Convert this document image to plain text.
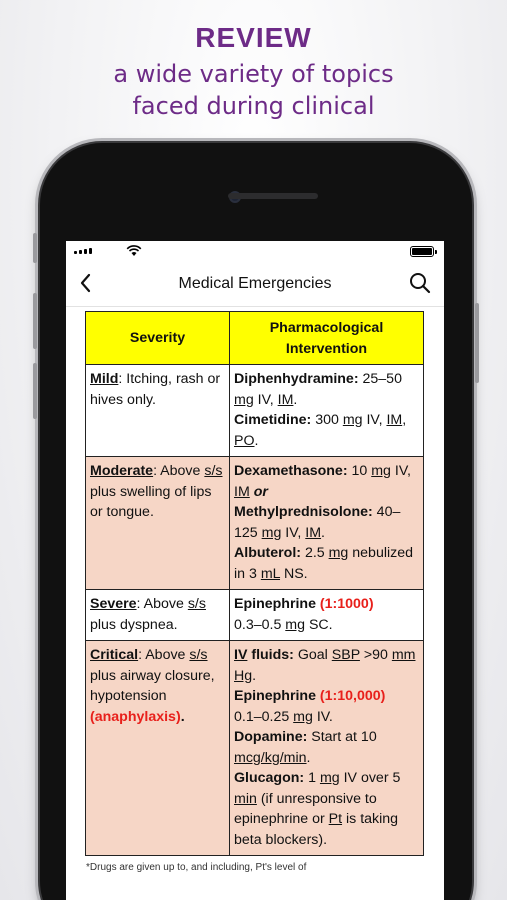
REVIEW
a wide variety of topics
faced during clinical
Medical Emergencies
Severity	Pharmacological
Intervention
Mild: Itching, rash or hives only.	Diphenhydramine: 25–50 mg IV, IM.
Cimetidine: 300 mg IV, IM, PO.
Moderate: Above s/s plus swelling of lips or tongue.	Dexamethasone: 10 mg IV, IM or
Methylprednisolone: 40–125 mg IV, IM.
Albuterol: 2.5 mg nebulized in 3 mL NS.
Severe: Above s/s plus dyspnea.	Epinephrine (1:1000)
0.3–0.5 mg SC.
Critical: Above s/s plus airway closure, hypotension (anaphylaxis).	IV fluids: Goal SBP >90 mm Hg.
Epinephrine (1:10,000)
0.1–0.25 mg IV.
Dopamine: Start at 10 mcg/kg/min.
Glucagon: 1 mg IV over 5 min (if unresponsive to epinephrine or Pt is taking beta blockers).
*Drugs are given up to, and including, Pt's level of
